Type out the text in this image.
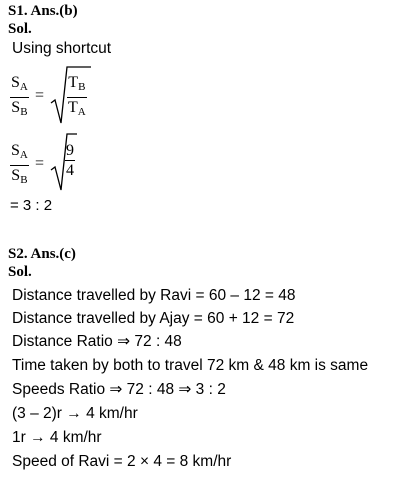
S1. Ans.(b)
Sol.
Using shortcut
$S_A$
$S_B$
=
$T_B$
$T_A$
$S_A$
$S_B$
=
9
4
= 3 : 2
S2. Ans.(c)
Sol.
Distance travelled by Ravi = 60 – 12 = 48
Distance travelled by Ajay = 60 + 12 = 72
Distance Ratio ⇒ 72 : 48
Time taken by both to travel 72 km & 48 km is same
Speeds Ratio ⇒ 72 : 48 ⇒ 3 : 2
(3 – 2)r → 4 km/hr
1r → 4 km/hr
Speed of Ravi = 2 × 4 = 8 km/hr
